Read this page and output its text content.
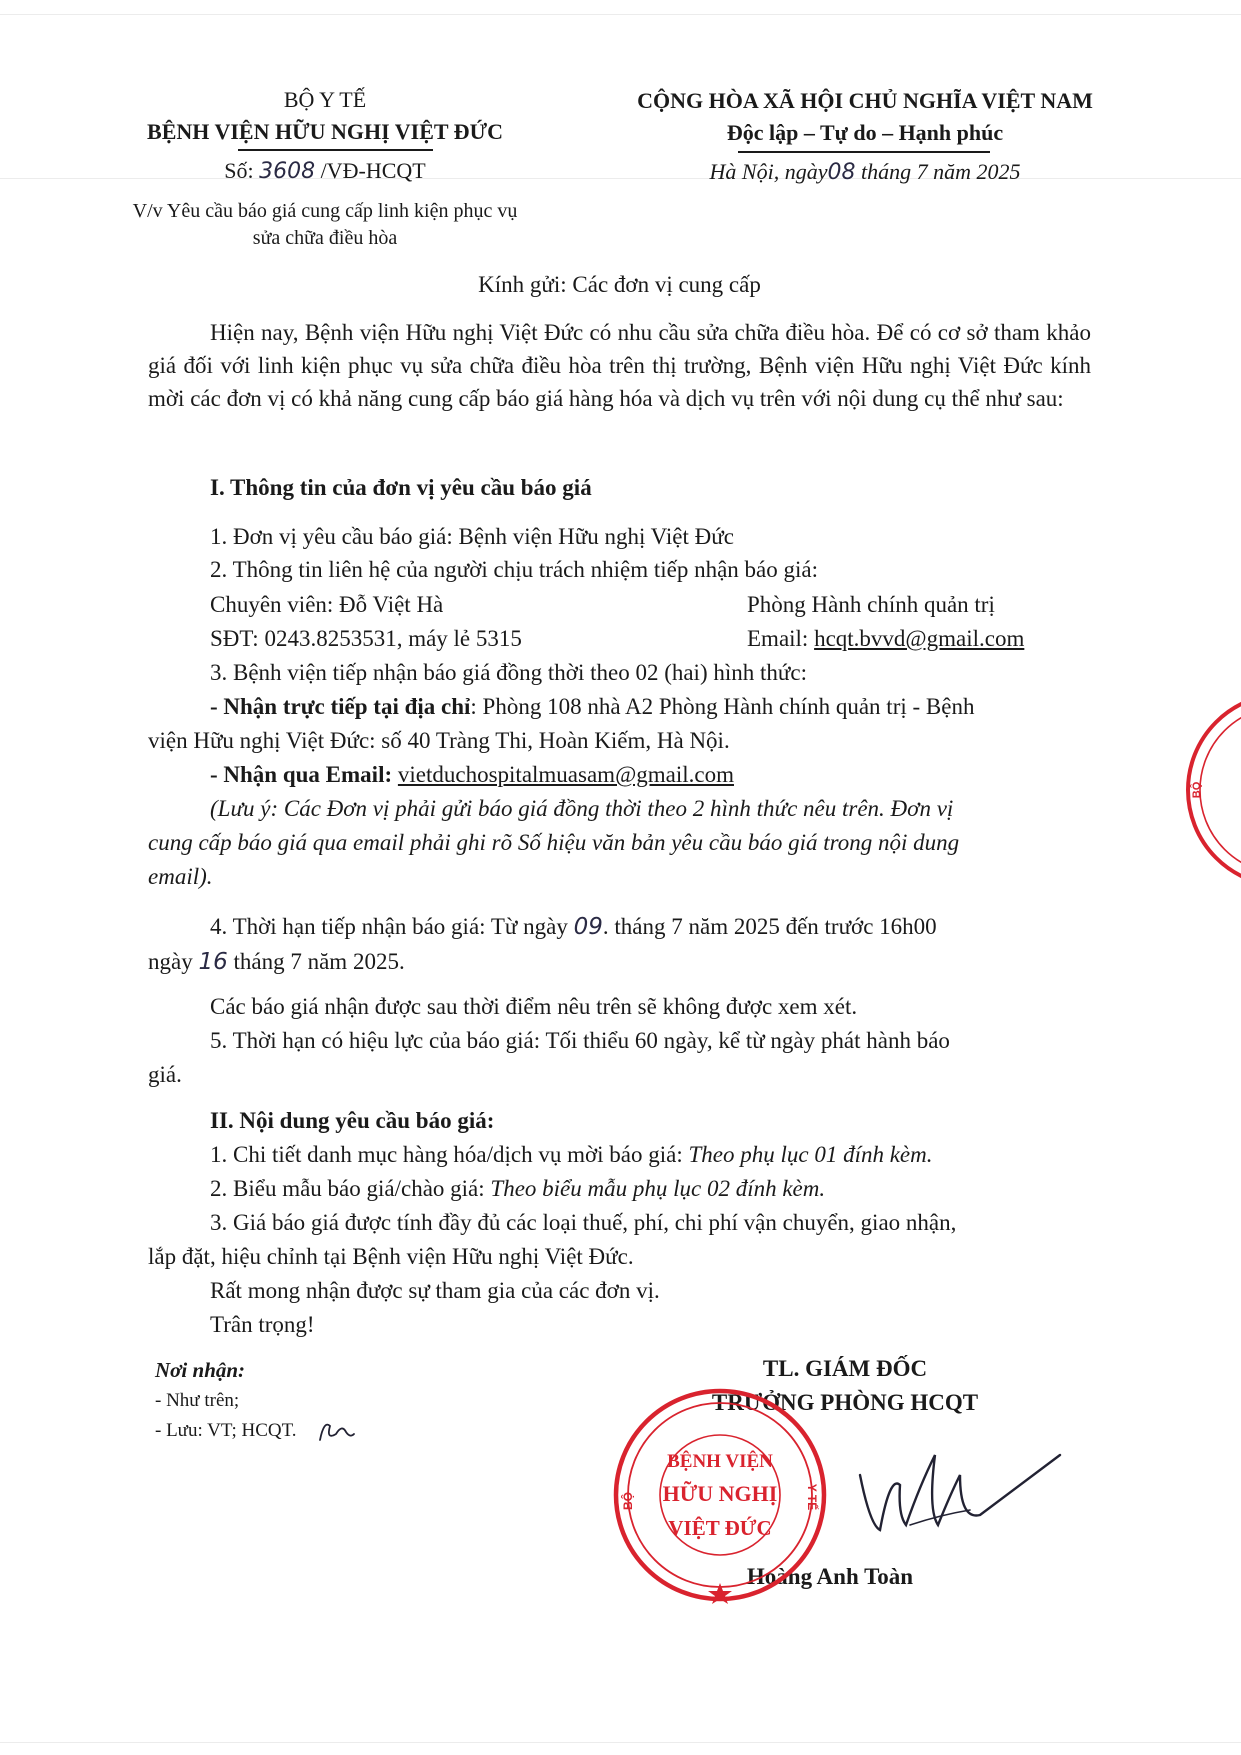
BỘ Y TẾ
BỆNH VIỆN HỮU NGHỊ VIỆT ĐỨC
Số: 3608 /VĐ-HCQT
V/v Yêu cầu báo giá cung cấp linh kiện phục vụ
sửa chữa điều hòa
CỘNG HÒA XÃ HỘI CHỦ NGHĨA VIỆT NAM
Độc lập – Tự do – Hạnh phúc
Hà Nội, ngày08 tháng 7 năm 2025
Kính gửi: Các đơn vị cung cấp
Hiện nay, Bệnh viện Hữu nghị Việt Đức có nhu cầu sửa chữa điều hòa. Để có cơ sở tham khảo giá đối với linh kiện phục vụ sửa chữa điều hòa trên thị trường, Bệnh viện Hữu nghị Việt Đức kính mời các đơn vị có khả năng cung cấp báo giá hàng hóa và dịch vụ trên với nội dung cụ thể như sau:
I. Thông tin của đơn vị yêu cầu báo giá
1. Đơn vị yêu cầu báo giá: Bệnh viện Hữu nghị Việt Đức
2. Thông tin liên hệ của người chịu trách nhiệm tiếp nhận báo giá:
Chuyên viên: Đỗ Việt Hà	Phòng Hành chính quản trị
SĐT: 0243.8253531, máy lẻ 5315	Email: hcqt.bvvd@gmail.com
3. Bệnh viện tiếp nhận báo giá đồng thời theo 02 (hai) hình thức:
- Nhận trực tiếp tại địa chỉ: Phòng 108 nhà A2 Phòng Hành chính quản trị - Bệnh
viện Hữu nghị Việt Đức: số 40 Tràng Thi, Hoàn Kiếm, Hà Nội.
- Nhận qua Email: vietduchospitalmuasam@gmail.com
(Lưu ý: Các Đơn vị phải gửi báo giá đồng thời theo 2 hình thức nêu trên. Đơn vị
cung cấp báo giá qua email phải ghi rõ Số hiệu văn bản yêu cầu báo giá trong nội dung
email).
4. Thời hạn tiếp nhận báo giá: Từ ngày 09. tháng 7 năm 2025 đến trước 16h00
ngày 16 tháng 7 năm 2025.
Các báo giá nhận được sau thời điểm nêu trên sẽ không được xem xét.
5. Thời hạn có hiệu lực của báo giá: Tối thiểu 60 ngày, kể từ ngày phát hành báo
giá.
II. Nội dung yêu cầu báo giá:
1. Chi tiết danh mục hàng hóa/dịch vụ mời báo giá: Theo phụ lục 01 đính kèm.
2. Biểu mẫu báo giá/chào giá: Theo biểu mẫu phụ lục 02 đính kèm.
3. Giá báo giá được tính đầy đủ các loại thuế, phí, chi phí vận chuyển, giao nhận,
lắp đặt, hiệu chỉnh tại Bệnh viện Hữu nghị Việt Đức.
Rất mong nhận được sự tham gia của các đơn vị.
Trân trọng!
Nơi nhận:
- Như trên;
- Lưu: VT; HCQT.
TL. GIÁM ĐỐC
TRƯỞNG PHÒNG HCQT
Hoàng Anh Toàn
BỆNH VIỆN
HỮU NGHỊ
VIỆT ĐỨC
BỘ	Y TẾ
BỘ
